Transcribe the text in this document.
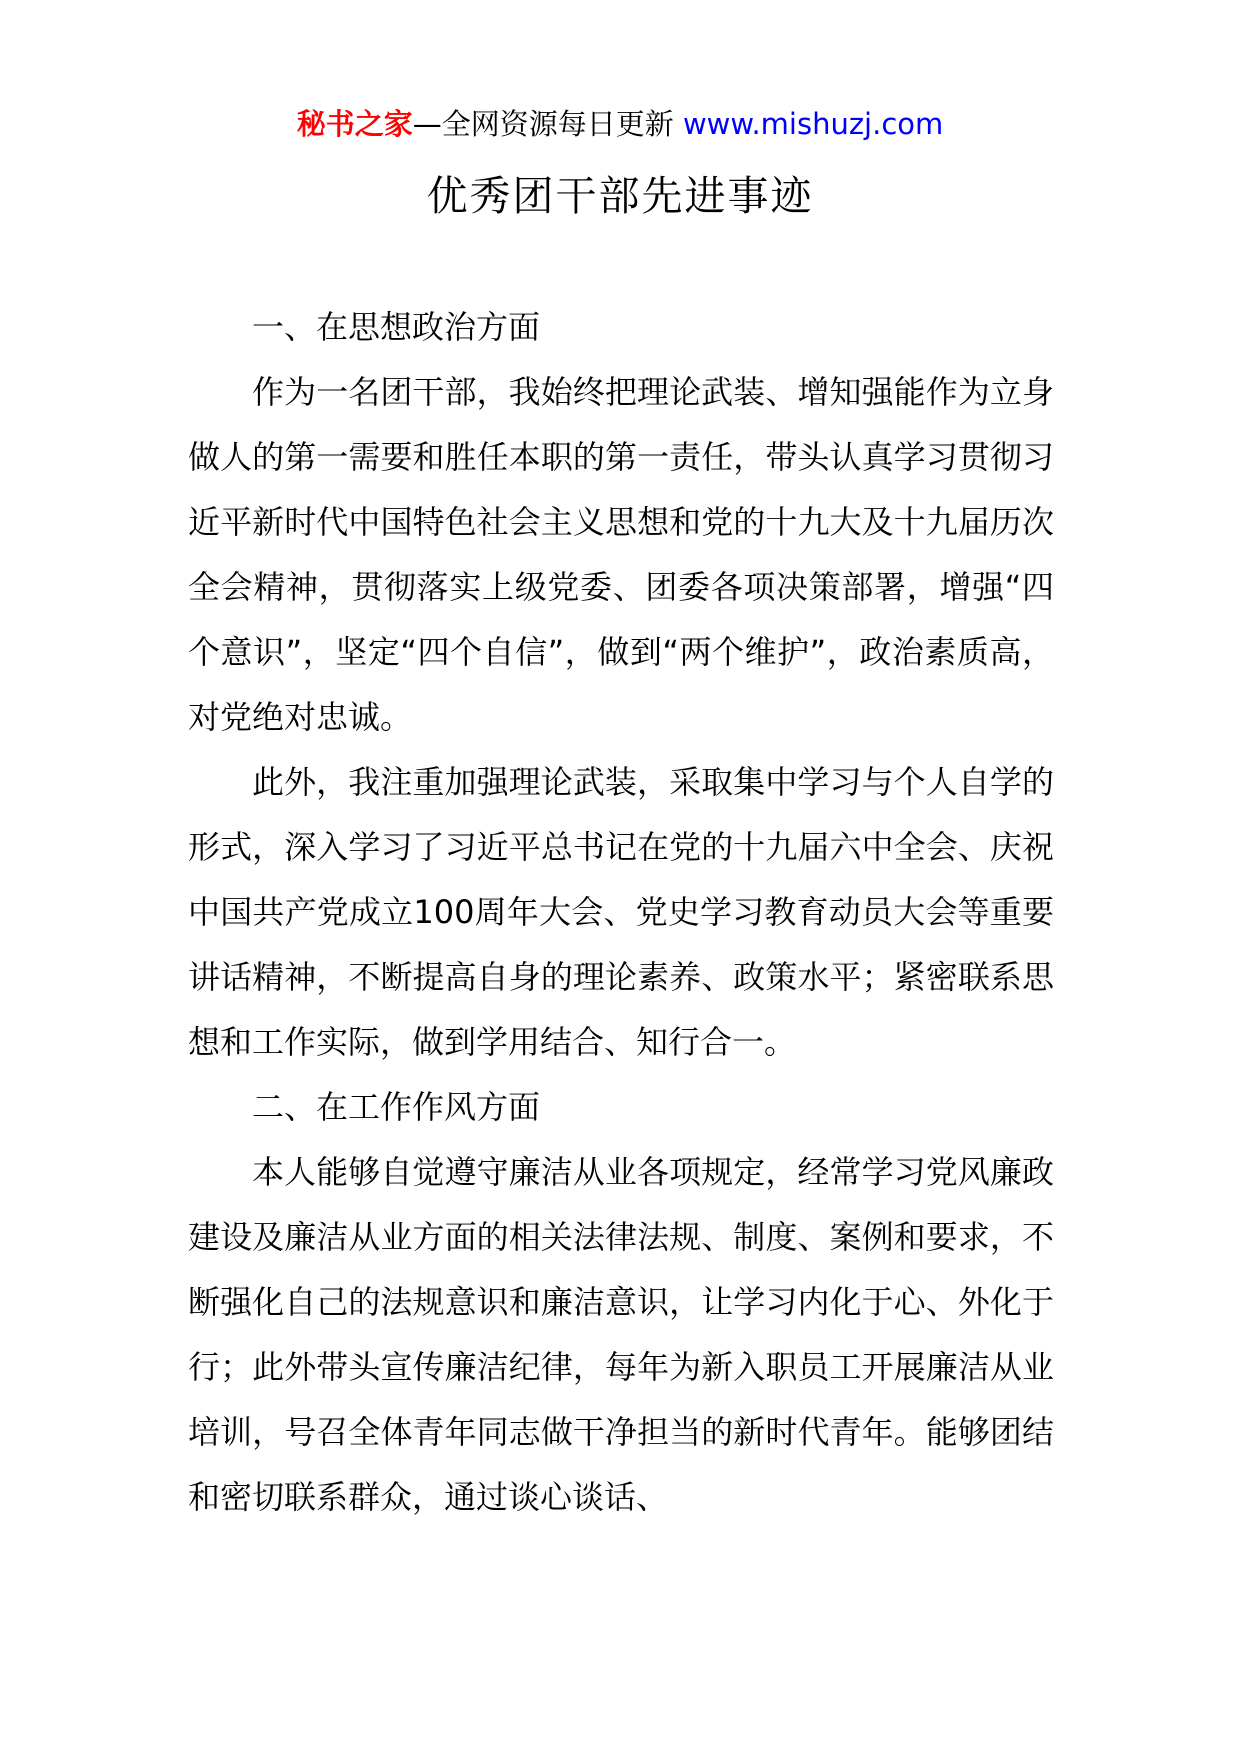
秘书之家—全网资源每日更新 www.mishuzj.com
优秀团干部先进事迹

一、在思想政治方面

作为一名团干部，我始终把理论武装、增知强能作为立身做人的第一需要和胜任本职的第一责任，带头认真学习贯彻习近平新时代中国特色社会主义思想和党的十九大及十九届历次全会精神，贯彻落实上级党委、团委各项决策部署，增强“四个意识”，坚定“四个自信”，做到“两个维护”，政治素质高，对党绝对忠诚。

此外，我注重加强理论武装，采取集中学习与个人自学的形式，深入学习了习近平总书记在党的十九届六中全会、庆祝中国共产党成立100周年大会、党史学习教育动员大会等重要讲话精神，不断提高自身的理论素养、政策水平；紧密联系思想和工作实际，做到学用结合、知行合一。

二、在工作作风方面

本人能够自觉遵守廉洁从业各项规定，经常学习党风廉政建设及廉洁从业方面的相关法律法规、制度、案例和要求，不断强化自己的法规意识和廉洁意识，让学习内化于心、外化于行；此外带头宣传廉洁纪律，每年为新入职员工开展廉洁从业培训，号召全体青年同志做干净担当的新时代青年。能够团结和密切联系群众，通过谈心谈话、
